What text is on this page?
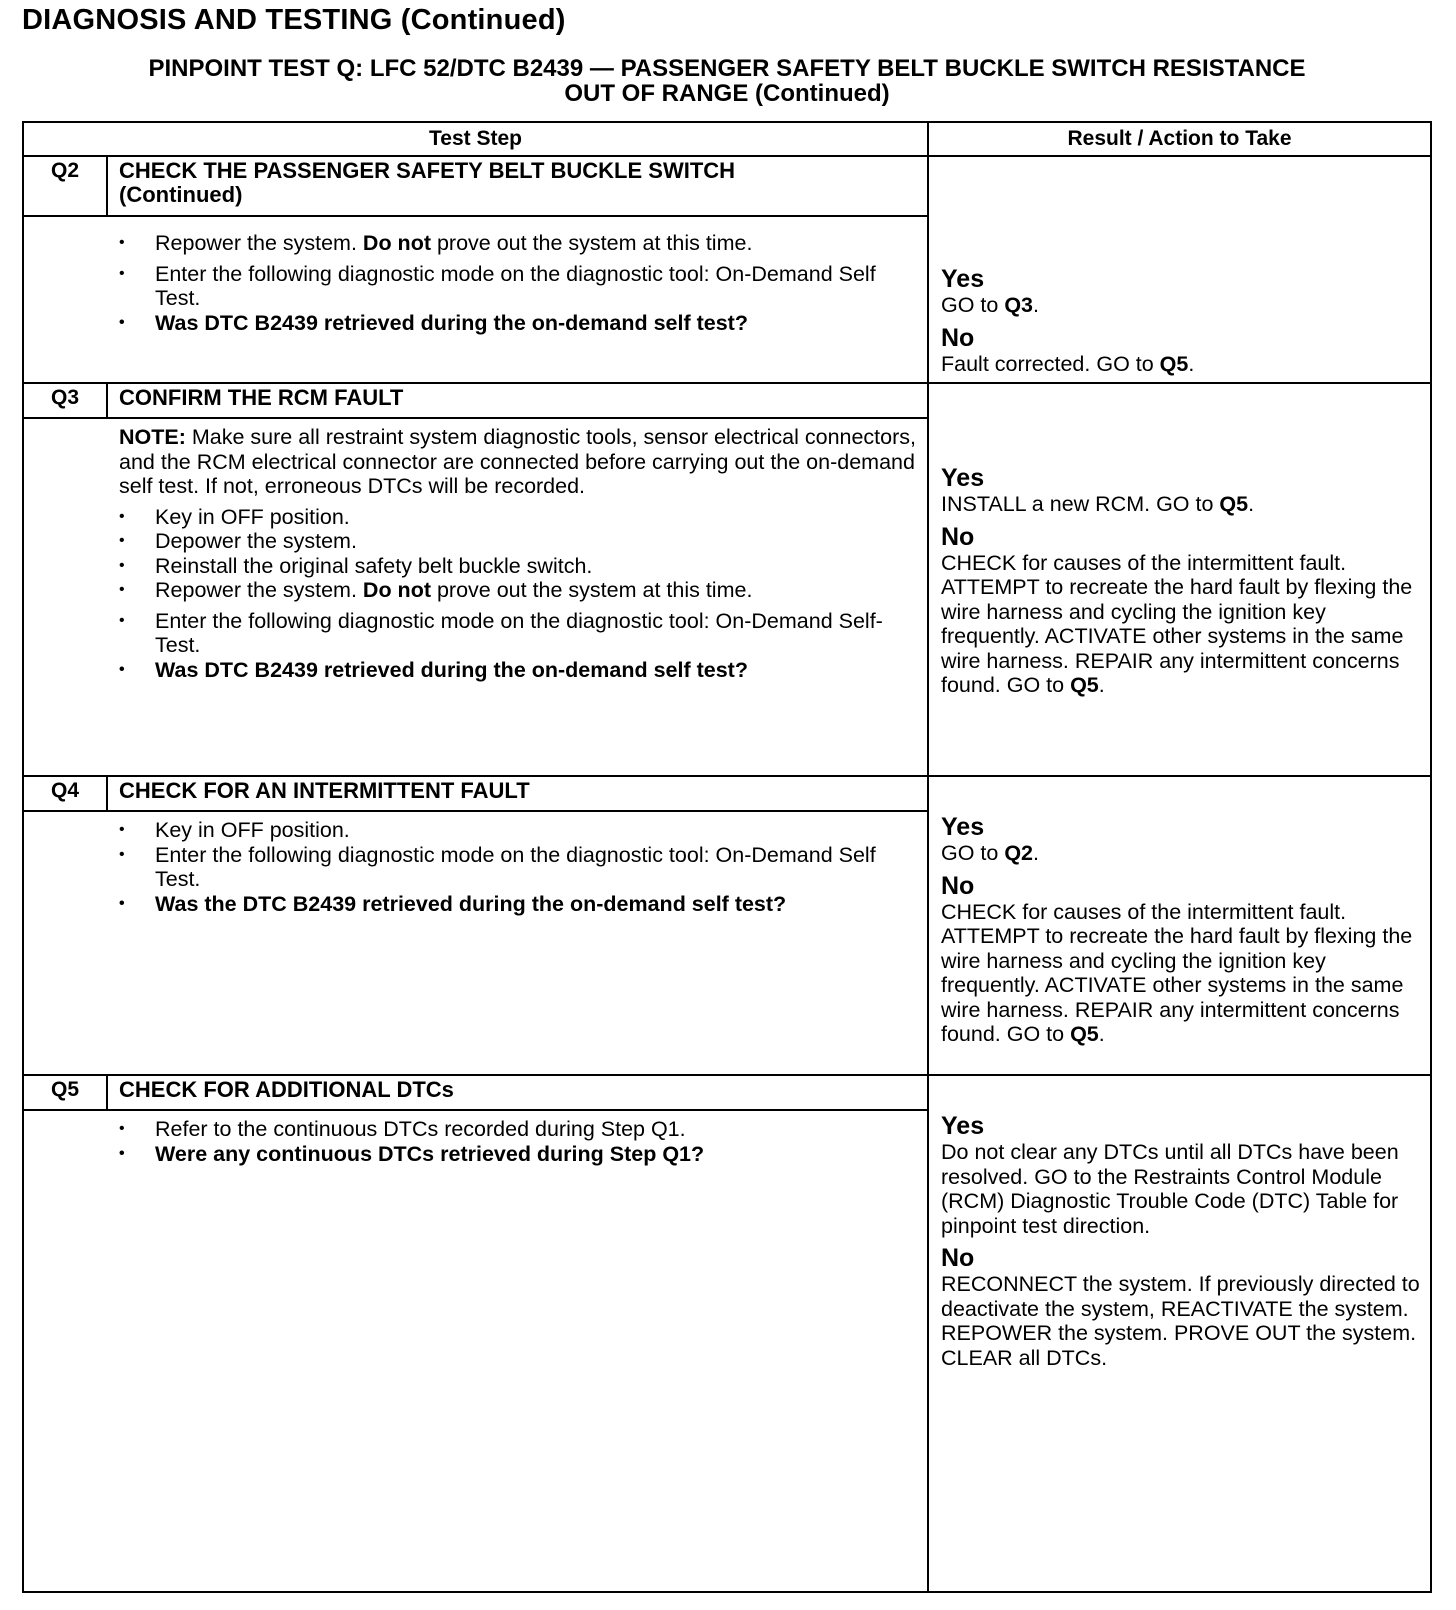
DIAGNOSIS AND TESTING (Continued)
PINPOINT TEST Q: LFC 52/DTC B2439 — PASSENGER SAFETY BELT BUCKLE SWITCH RESISTANCE
OUT OF RANGE (Continued)
Test Step	Result / Action to Take
Q2	CHECK THE PASSENGER SAFETY BELT BUCKLE SWITCH
(Continued)
• Repower the system. Do not prove out the system at this time.
• Enter the following diagnostic mode on the diagnostic tool: On-Demand Self Test.
• Was DTC B2439 retrieved during the on-demand self test?
Yes
GO to Q3.
No
Fault corrected. GO to Q5.
Q3	CONFIRM THE RCM FAULT
NOTE: Make sure all restraint system diagnostic tools, sensor electrical connectors, and the RCM electrical connector are connected before carrying out the on-demand self test. If not, erroneous DTCs will be recorded.
• Key in OFF position.
• Depower the system.
• Reinstall the original safety belt buckle switch.
• Repower the system. Do not prove out the system at this time.
• Enter the following diagnostic mode on the diagnostic tool: On-Demand Self-Test.
• Was DTC B2439 retrieved during the on-demand self test?
Yes
INSTALL a new RCM. GO to Q5.
No
CHECK for causes of the intermittent fault. ATTEMPT to recreate the hard fault by flexing the wire harness and cycling the ignition key frequently. ACTIVATE other systems in the same wire harness. REPAIR any intermittent concerns found. GO to Q5.
Q4	CHECK FOR AN INTERMITTENT FAULT
• Key in OFF position.
• Enter the following diagnostic mode on the diagnostic tool: On-Demand Self Test.
• Was the DTC B2439 retrieved during the on-demand self test?
Yes
GO to Q2.
No
CHECK for causes of the intermittent fault. ATTEMPT to recreate the hard fault by flexing the wire harness and cycling the ignition key frequently. ACTIVATE other systems in the same wire harness. REPAIR any intermittent concerns found. GO to Q5.
Q5	CHECK FOR ADDITIONAL DTCs
• Refer to the continuous DTCs recorded during Step Q1.
• Were any continuous DTCs retrieved during Step Q1?
Yes
Do not clear any DTCs until all DTCs have been resolved. GO to the Restraints Control Module (RCM) Diagnostic Trouble Code (DTC) Table for pinpoint test direction.
No
RECONNECT the system. If previously directed to deactivate the system, REACTIVATE the system. REPOWER the system. PROVE OUT the system. CLEAR all DTCs.
